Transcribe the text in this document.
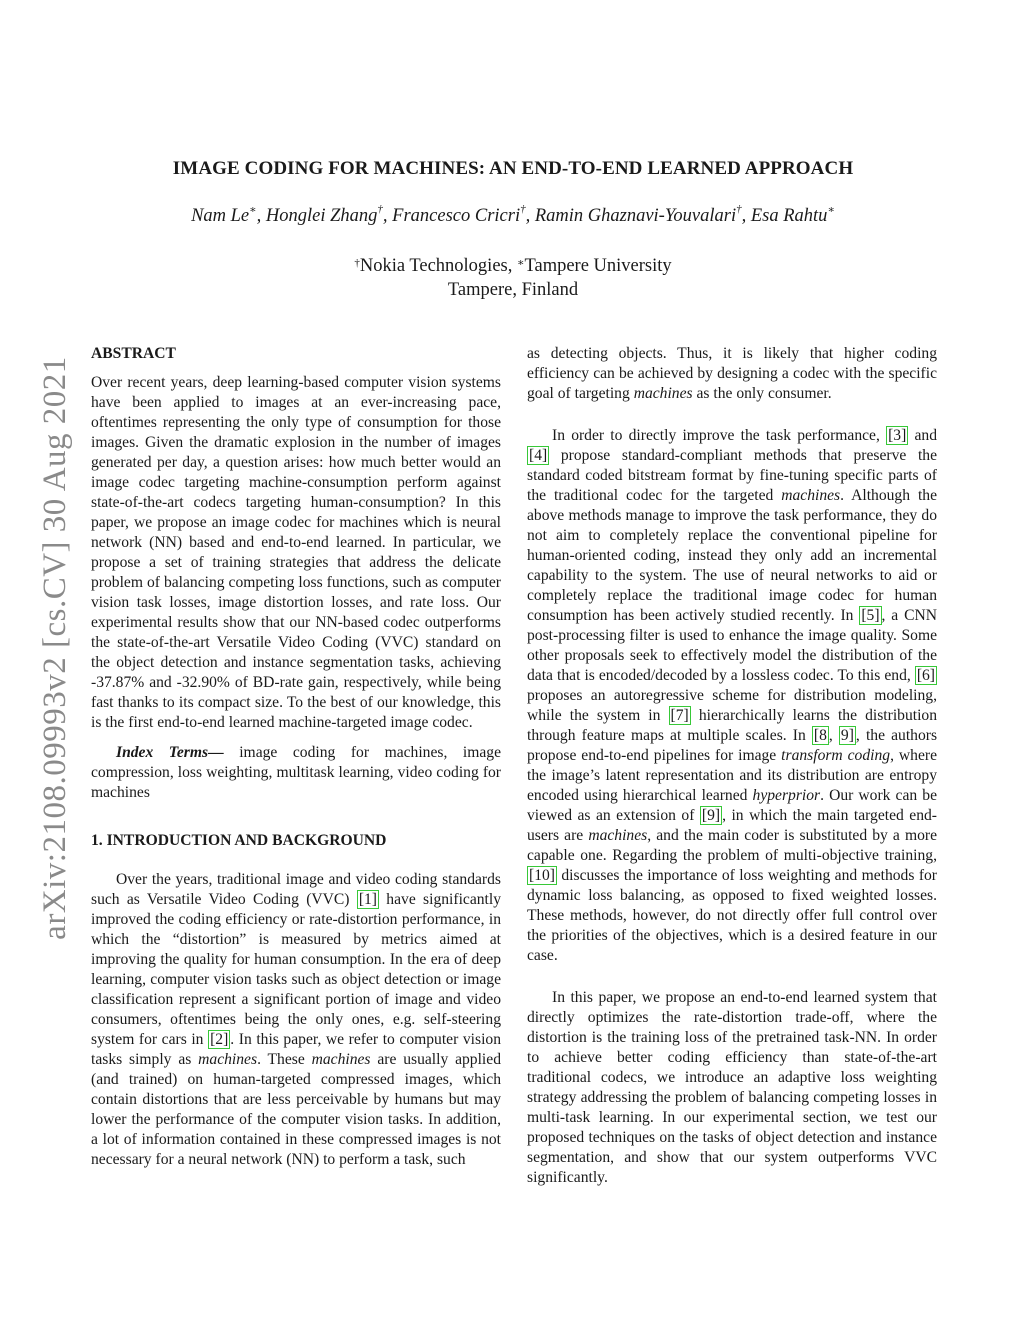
arXiv:2108.09993v2 [cs.CV] 30 Aug 2021
IMAGE CODING FOR MACHINES: AN END-TO-END LEARNED APPROACH
Nam Le∗, Honglei Zhang†, Francesco Cricri†, Ramin Ghaznavi-Youvalari†, Esa Rahtu∗
†Nokia Technologies, ∗Tampere University
Tampere, Finland

ABSTRACT

Over recent years, deep learning-based computer vision systems have been applied to images at an ever-increasing pace, oftentimes representing the only type of consumption for those images. Given the dramatic explosion in the number of images generated per day, a question arises: how much better would an image codec targeting machine-consumption perform against state-of-the-art codecs targeting human-consumption? In this paper, we propose an image codec for machines which is neural network (NN) based and end-to-end learned. In particular, we propose a set of training strategies that address the delicate problem of balancing competing loss functions, such as computer vision task losses, image distortion losses, and rate loss. Our experimental results show that our NN-based codec outperforms the state-of-the-art Versatile Video Coding (VVC) standard on the object detection and instance segmentation tasks, achieving -37.87% and -32.90% of BD-rate gain, respectively, while being fast thanks to its compact size. To the best of our knowledge, this is the first end-to-end learned machine-targeted image codec.

Index Terms— image coding for machines, image compression, loss weighting, multitask learning, video coding for machines

1. INTRODUCTION AND BACKGROUND

Over the years, traditional image and video coding standards such as Versatile Video Coding (VVC) [1] have significantly improved the coding efficiency or rate-distortion performance, in which the “distortion” is measured by metrics aimed at improving the quality for human consumption. In the era of deep learning, computer vision tasks such as object detection or image classification represent a significant portion of image and video consumers, oftentimes being the only ones, e.g. self-steering system for cars in [2] . In this paper, we refer to computer vision tasks simply as machines. These machines are usually applied (and trained) on human-targeted compressed images, which contain distortions that are less perceivable by humans but may lower the performance of the computer vision tasks. In addition, a lot of information contained in these compressed images is not necessary for a neural network (NN) to perform a task, such

as detecting objects. Thus, it is likely that higher coding efficiency can be achieved by designing a codec with the specific goal of targeting machines as the only consumer.

In order to directly improve the task performance, [3] and [4] propose standard-compliant methods that preserve the standard coded bitstream format by fine-tuning specific parts of the traditional codec for the targeted machines. Although the above methods manage to improve the task performance, they do not aim to completely replace the conventional pipeline for human-oriented coding, instead they only add an incremental capability to the system. The use of neural networks to aid or completely replace the traditional image codec for human consumption has been actively studied recently. In [5] , a CNN post-processing filter is used to enhance the image quality. Some other proposals seek to effectively model the distribution of the data that is encoded/decoded by a lossless codec. To this end, [6] proposes an autoregressive scheme for distribution modeling, while the system in [7] hierarchically learns the distribution through feature maps at multiple scales. In [8 , 9] , the authors propose end-to-end pipelines for image transform coding, where the image’s latent representation and its distribution are entropy encoded using hierarchical learned hyperprior. Our work can be viewed as an extension of [9] , in which the main targeted end-users are machines, and the main coder is substituted by a more capable one. Regarding the problem of multi-objective training, [10] discusses the importance of loss weighting and methods for dynamic loss balancing, as opposed to fixed weighted losses. These methods, however, do not directly offer full control over the priorities of the objectives, which is a desired feature in our case.

In this paper, we propose an end-to-end learned system that directly optimizes the rate-distortion trade-off, where the distortion is the training loss of the pretrained task-NN. In order to achieve better coding efficiency than state-of-the-art traditional codecs, we introduce an adaptive loss weighting strategy addressing the problem of balancing competing losses in multi-task learning. In our experimental section, we test our proposed techniques on the tasks of object detection and instance segmentation, and show that our system outperforms VVC significantly.
